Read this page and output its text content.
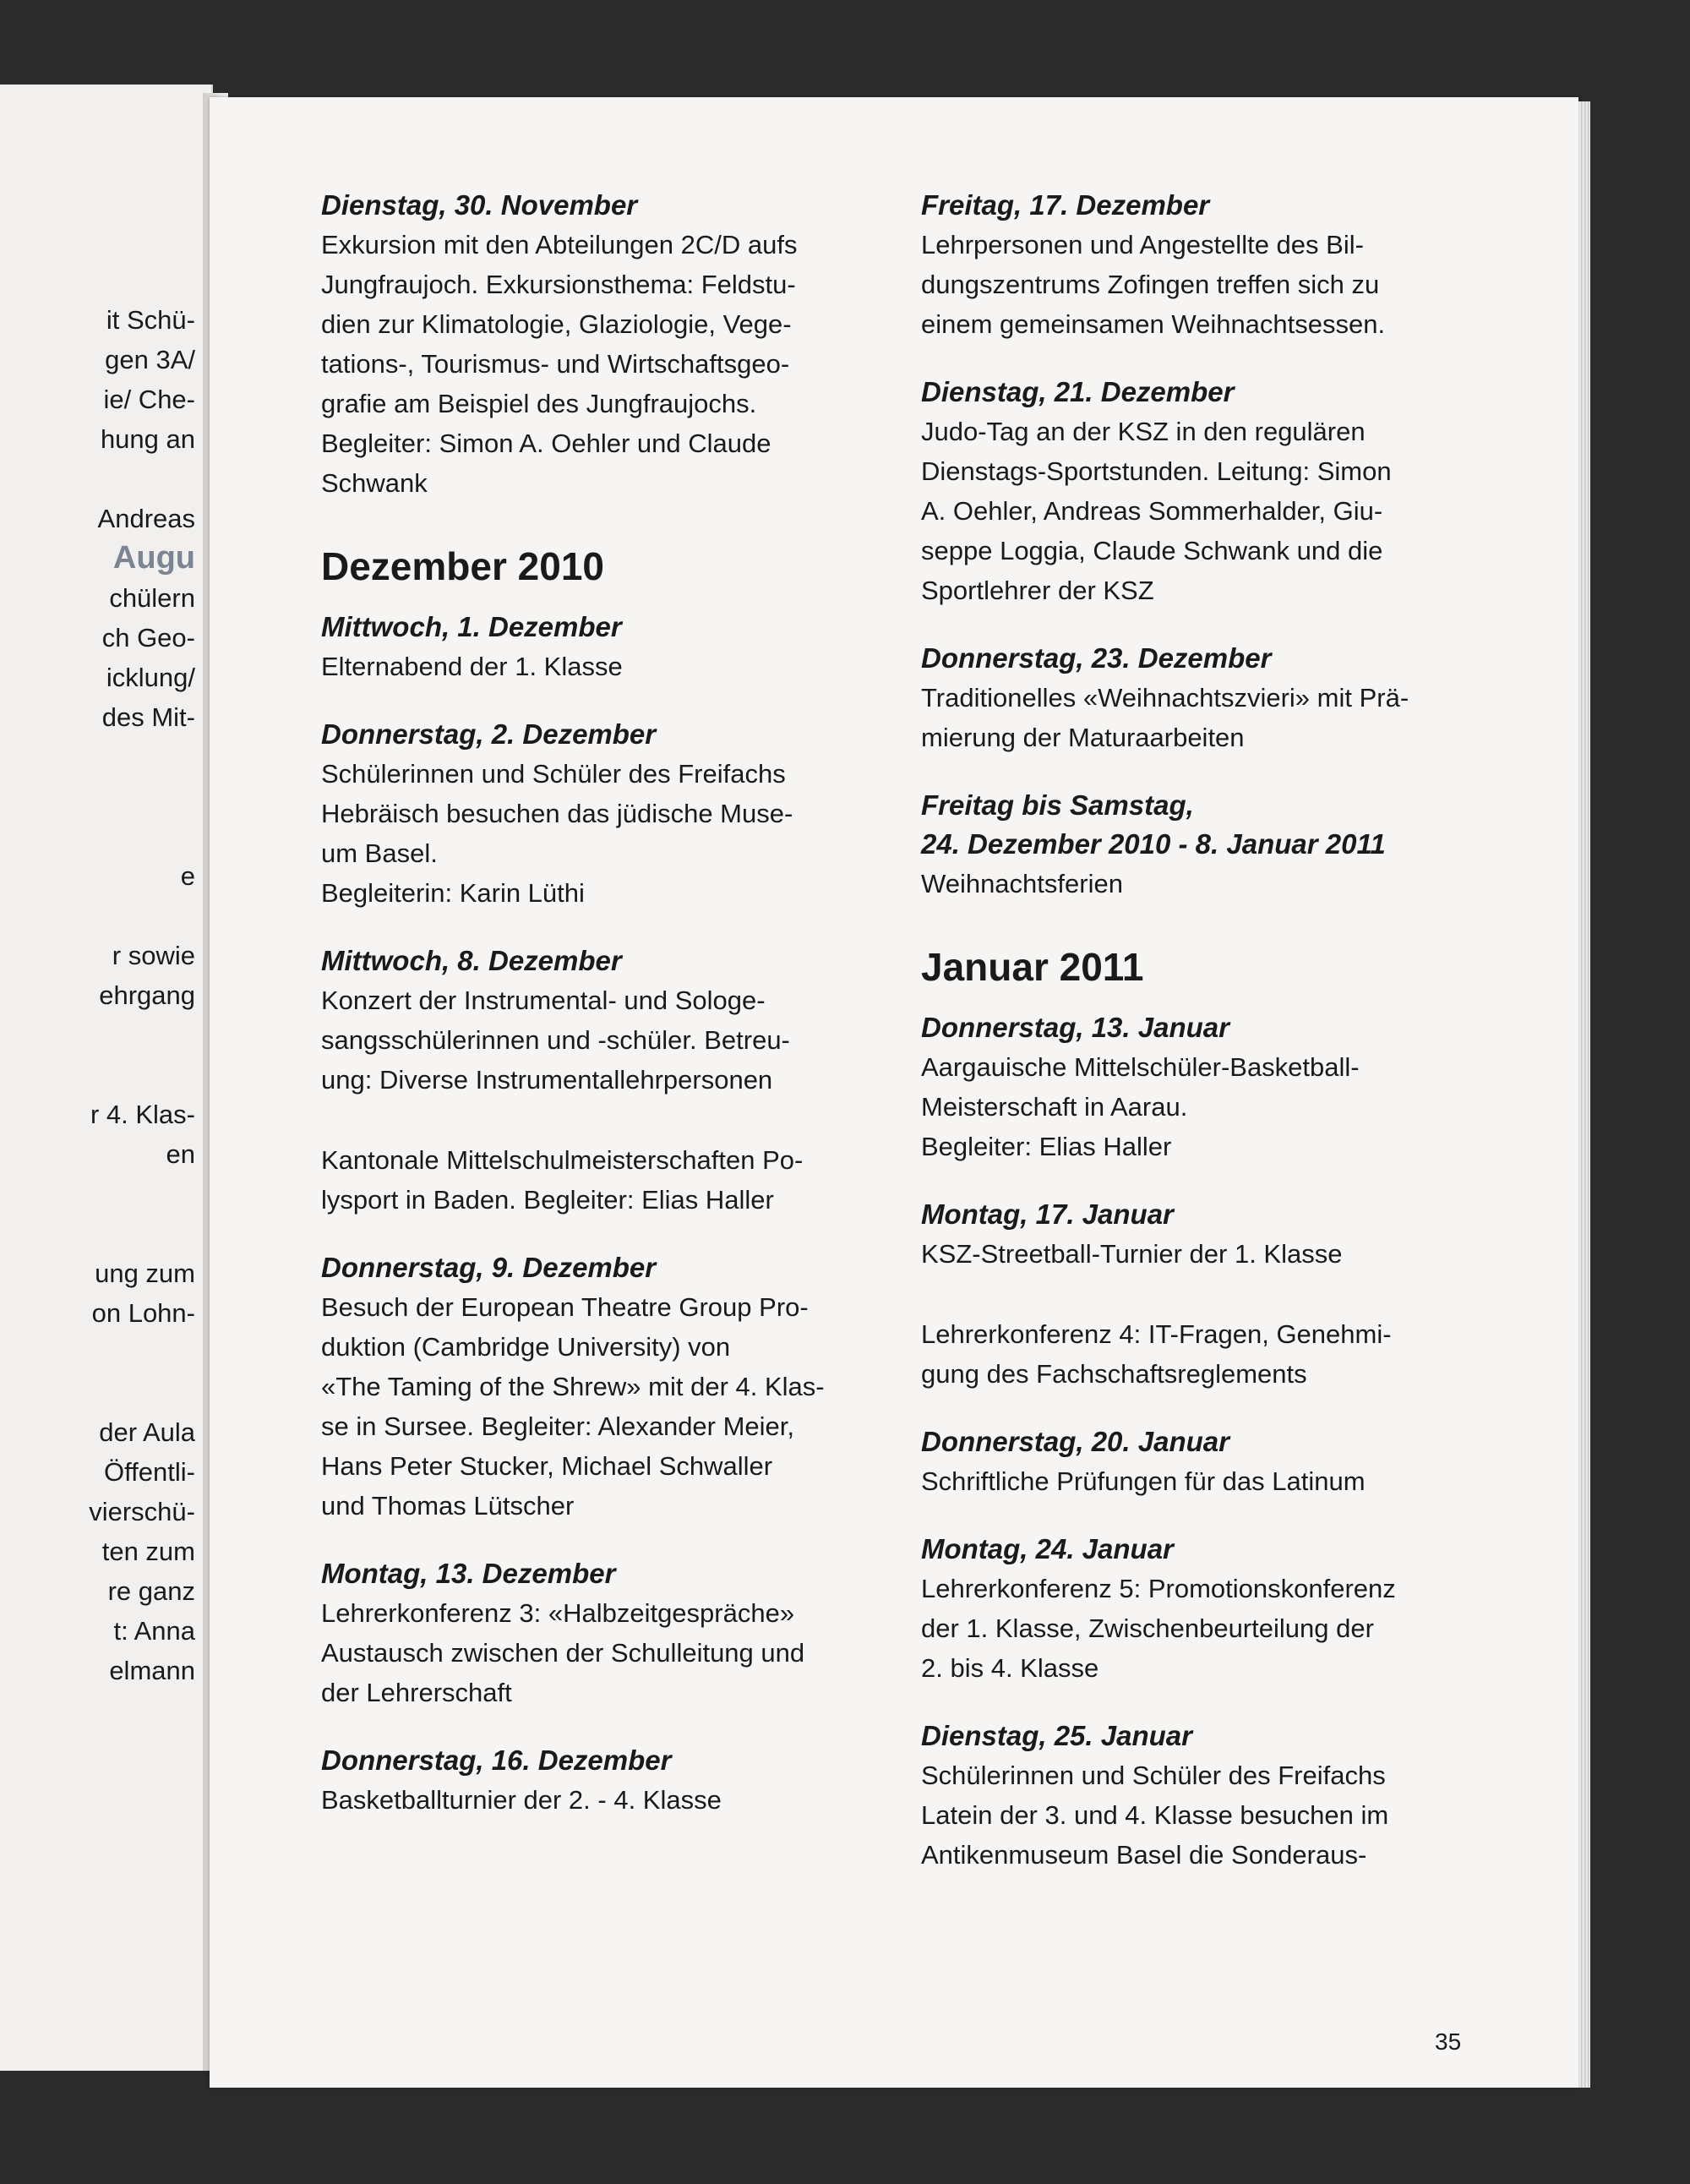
it Schü-
gen 3A/
ie/ Che-
hung an
Andreas
Augu
chülern
ch Geo-
icklung/
des Mit-
e
r sowie
ehrgang
r 4. Klas-
en
ung zum
on Lohn-
der Aula
Öffentli-
vierschü-
ten zum
re ganz
t: Anna
elmann

Dienstag, 30. November

Exkursion mit den Abteilungen 2C/D aufs
Jungfraujoch. Exkursionsthema: Feldstu-
dien zur Klimatologie, Glaziologie, Vege-
tations-, Tourismus- und Wirtschaftsgeo-
grafie am Beispiel des Jungfraujochs.
Begleiter: Simon A. Oehler und Claude
Schwank

Dezember 2010

Mittwoch, 1. Dezember

Elternabend der 1. Klasse

Donnerstag, 2. Dezember

Schülerinnen und Schüler des Freifachs
Hebräisch besuchen das jüdische Muse-
um Basel.
Begleiterin: Karin Lüthi

Mittwoch, 8. Dezember

Konzert der Instrumental- und Sologe-
sangsschülerinnen und -schüler. Betreu-
ung: Diverse Instrumentallehrpersonen

Kantonale Mittelschulmeisterschaften Po-
lysport in Baden. Begleiter: Elias Haller

Donnerstag, 9. Dezember

Besuch der European Theatre Group Pro-
duktion (Cambridge University) von
«The Taming of the Shrew» mit der 4. Klas-
se in Sursee. Begleiter: Alexander Meier,
Hans Peter Stucker, Michael Schwaller
und Thomas Lütscher

Montag, 13. Dezember

Lehrerkonferenz 3: «Halbzeitgespräche»
Austausch zwischen der Schulleitung und
der Lehrerschaft

Donnerstag, 16. Dezember

Basketballturnier der 2. - 4. Klasse

Freitag, 17. Dezember

Lehrpersonen und Angestellte des Bil-
dungszentrums Zofingen treffen sich zu
einem gemeinsamen Weihnachtsessen.

Dienstag, 21. Dezember

Judo-Tag an der KSZ in den regulären
Dienstags-Sportstunden. Leitung: Simon
A. Oehler, Andreas Sommerhalder, Giu-
seppe Loggia, Claude Schwank und die
Sportlehrer der KSZ

Donnerstag, 23. Dezember

Traditionelles «Weihnachtszvieri» mit Prä-
mierung der Maturaarbeiten

Freitag bis Samstag,

24. Dezember 2010 - 8. Januar 2011

Weihnachtsferien

Januar 2011

Donnerstag, 13. Januar

Aargauische Mittelschüler-Basketball-
Meisterschaft in Aarau.
Begleiter: Elias Haller

Montag, 17. Januar

KSZ-Streetball-Turnier der 1. Klasse

Lehrerkonferenz 4: IT-Fragen, Genehmi-
gung des Fachschaftsreglements

Donnerstag, 20. Januar

Schriftliche Prüfungen für das Latinum

Montag, 24. Januar

Lehrerkonferenz 5: Promotionskonferenz
der 1. Klasse, Zwischenbeurteilung der
2. bis 4. Klasse

Dienstag, 25. Januar

Schülerinnen und Schüler des Freifachs
Latein der 3. und 4. Klasse besuchen im
Antikenmuseum Basel die Sonderaus-

35
